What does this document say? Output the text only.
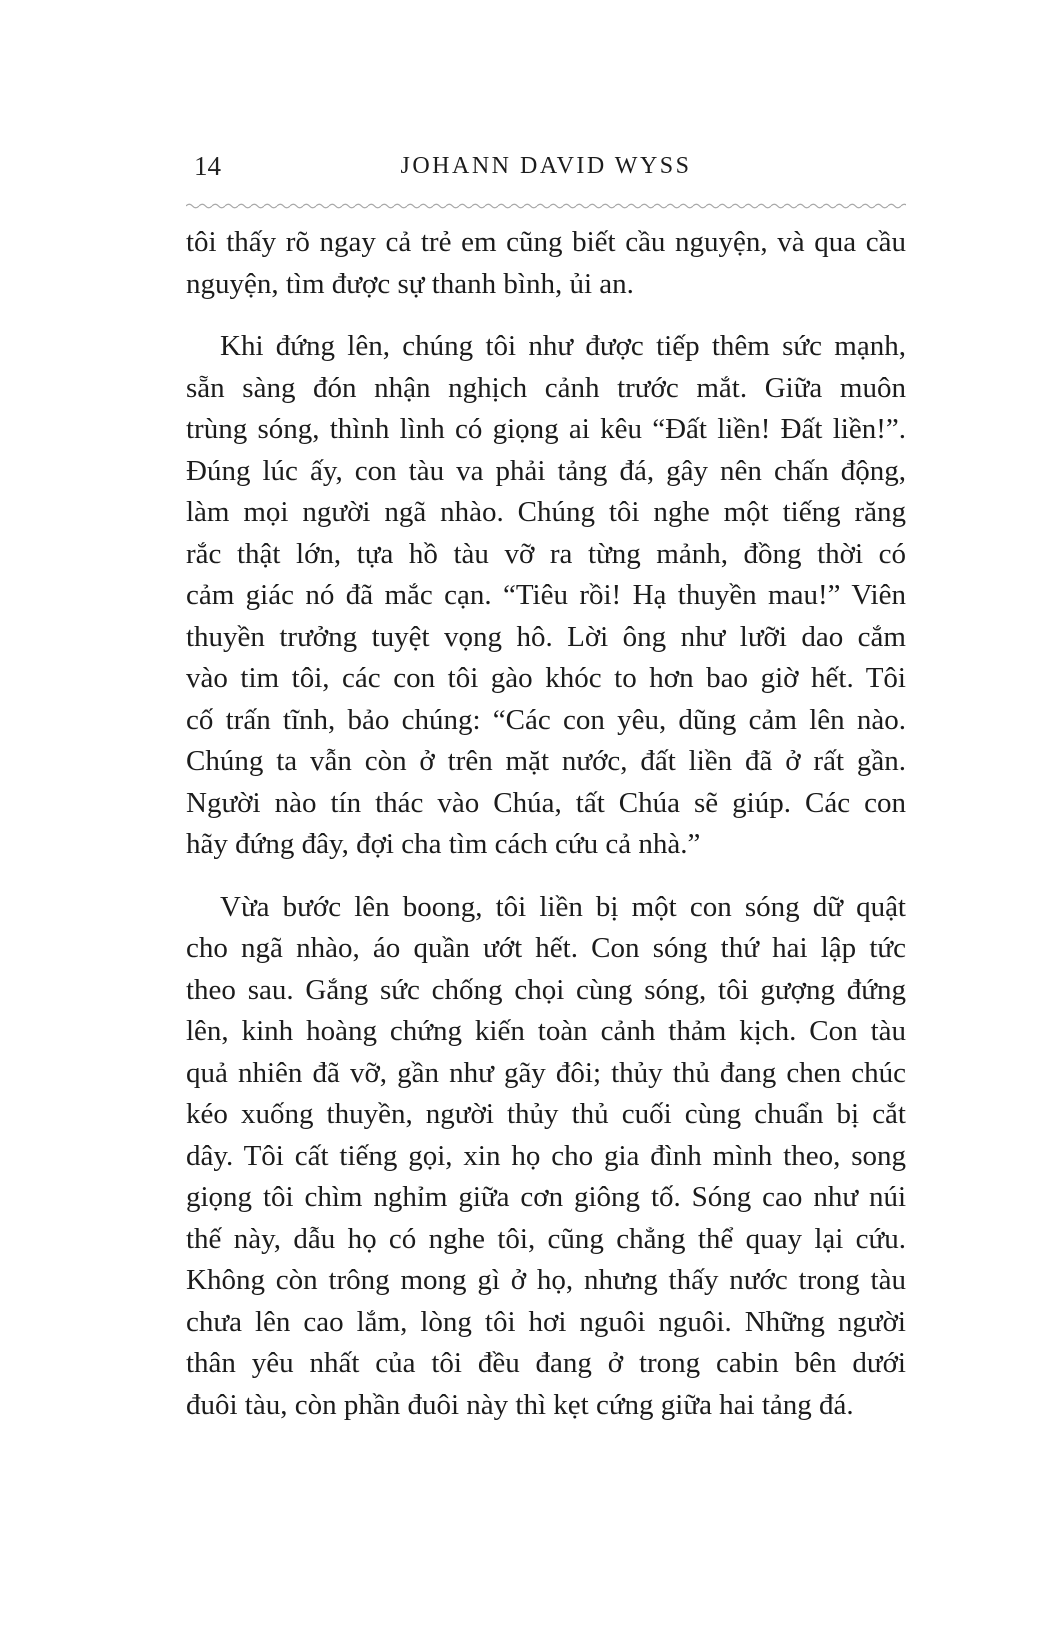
14	JOHANN DAVID WYSS
tôi thấy rõ ngay cả trẻ em cũng biết cầu nguyện, và qua cầu
nguyện, tìm được sự thanh bình, ủi an.
Khi đứng lên, chúng tôi như được tiếp thêm sức mạnh,
sẵn sàng đón nhận nghịch cảnh trước mắt. Giữa muôn
trùng sóng, thình lình có giọng ai kêu “Đất liền! Đất liền!”.
Đúng lúc ấy, con tàu va phải tảng đá, gây nên chấn động,
làm mọi người ngã nhào. Chúng tôi nghe một tiếng răng
rắc thật lớn, tựa hồ tàu vỡ ra từng mảnh, đồng thời có
cảm giác nó đã mắc cạn. “Tiêu rồi! Hạ thuyền mau!” Viên
thuyền trưởng tuyệt vọng hô. Lời ông như lưỡi dao cắm
vào tim tôi, các con tôi gào khóc to hơn bao giờ hết. Tôi
cố trấn tĩnh, bảo chúng: “Các con yêu, dũng cảm lên nào.
Chúng ta vẫn còn ở trên mặt nước, đất liền đã ở rất gần.
Người nào tín thác vào Chúa, tất Chúa sẽ giúp. Các con
hãy đứng đây, đợi cha tìm cách cứu cả nhà.”
Vừa bước lên boong, tôi liền bị một con sóng dữ quật
cho ngã nhào, áo quần ướt hết. Con sóng thứ hai lập tức
theo sau. Gắng sức chống chọi cùng sóng, tôi gượng đứng
lên, kinh hoàng chứng kiến toàn cảnh thảm kịch. Con tàu
quả nhiên đã vỡ, gần như gãy đôi; thủy thủ đang chen chúc
kéo xuống thuyền, người thủy thủ cuối cùng chuẩn bị cắt
dây. Tôi cất tiếng gọi, xin họ cho gia đình mình theo, song
giọng tôi chìm nghỉm giữa cơn giông tố. Sóng cao như núi
thế này, dẫu họ có nghe tôi, cũng chẳng thể quay lại cứu.
Không còn trông mong gì ở họ, nhưng thấy nước trong tàu
chưa lên cao lắm, lòng tôi hơi nguôi nguôi. Những người
thân yêu nhất của tôi đều đang ở trong cabin bên dưới
đuôi tàu, còn phần đuôi này thì kẹt cứng giữa hai tảng đá.
